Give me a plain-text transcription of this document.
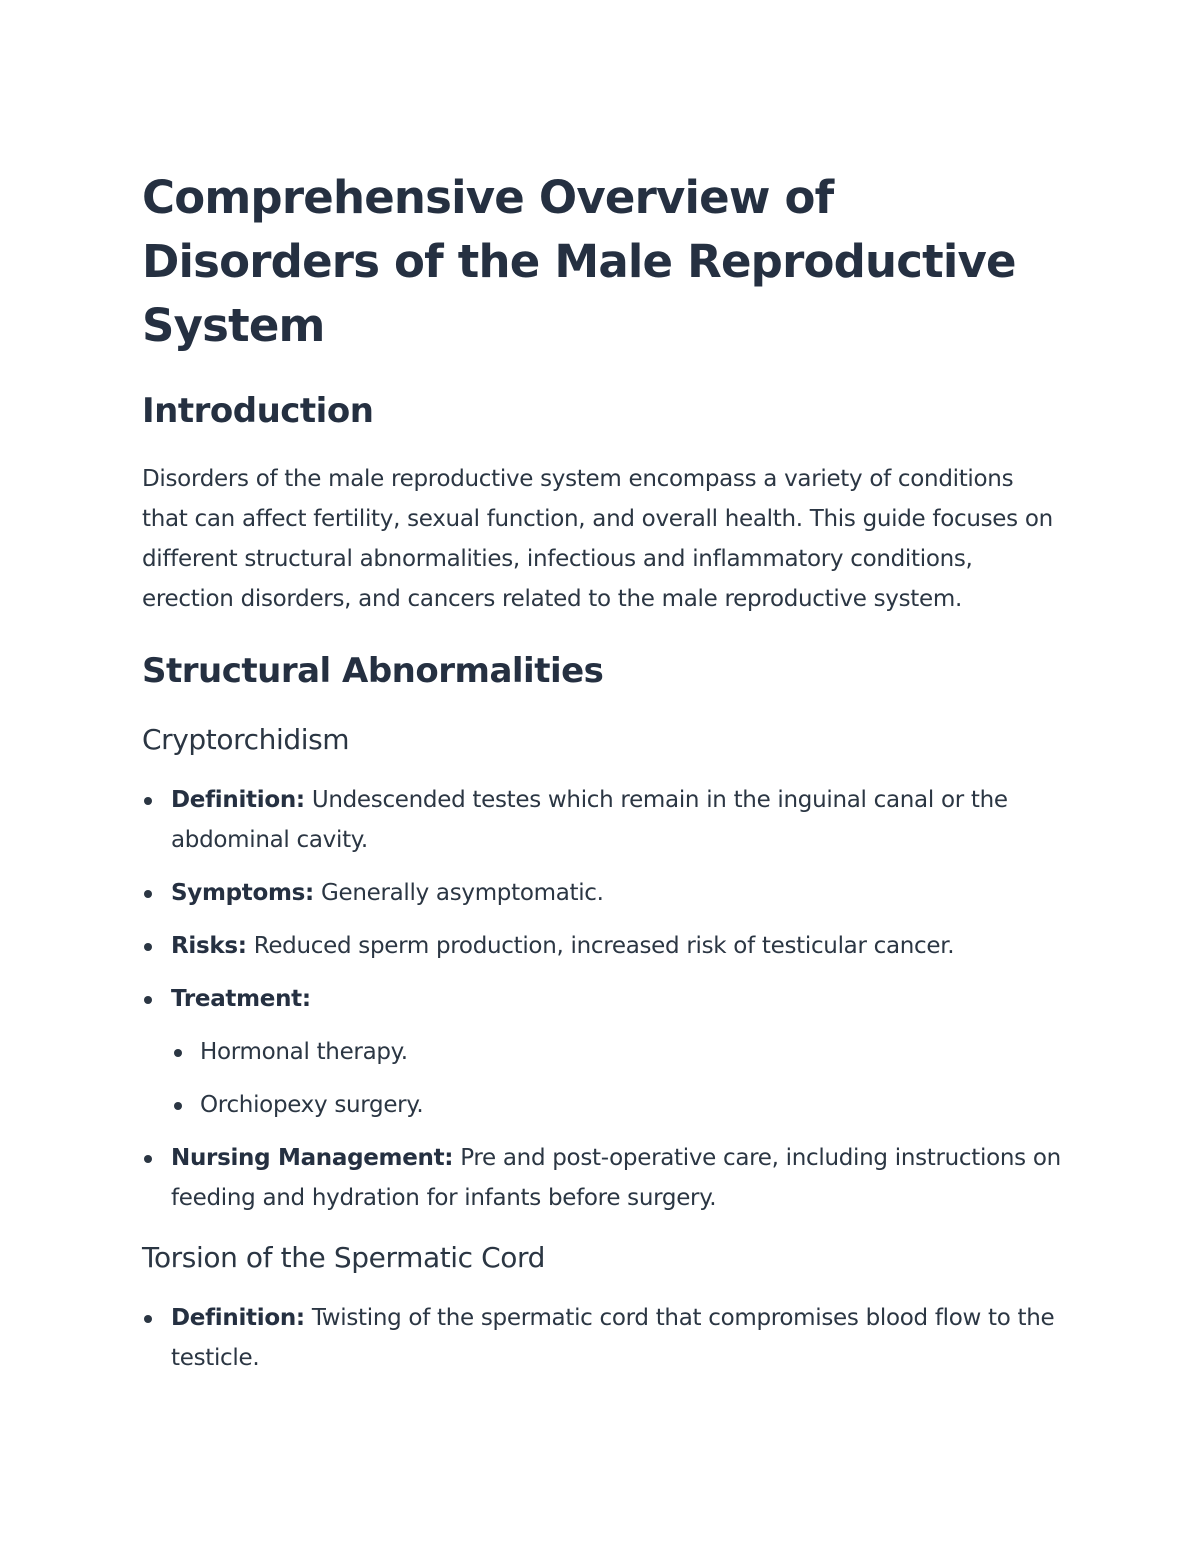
Comprehensive Overview of Disorders of the Male Reproductive System
Introduction

Disorders of the male reproductive system encompass a variety of conditions that can affect fertility, sexual function, and overall health. This guide focuses on different structural abnormalities, infectious and inflammatory conditions, erection disorders, and cancers related to the male reproductive system.

Structural Abnormalities
Cryptorchidism
Definition: Undescended testes which remain in the inguinal canal or the abdominal cavity.
Symptoms: Generally asymptomatic.
Risks: Reduced sperm production, increased risk of testicular cancer.
Treatment:
Hormonal therapy.
Orchiopexy surgery.
Nursing Management: Pre and post-operative care, including instructions on feeding and hydration for infants before surgery.
Torsion of the Spermatic Cord
Definition: Twisting of the spermatic cord that compromises blood flow to the testicle.
